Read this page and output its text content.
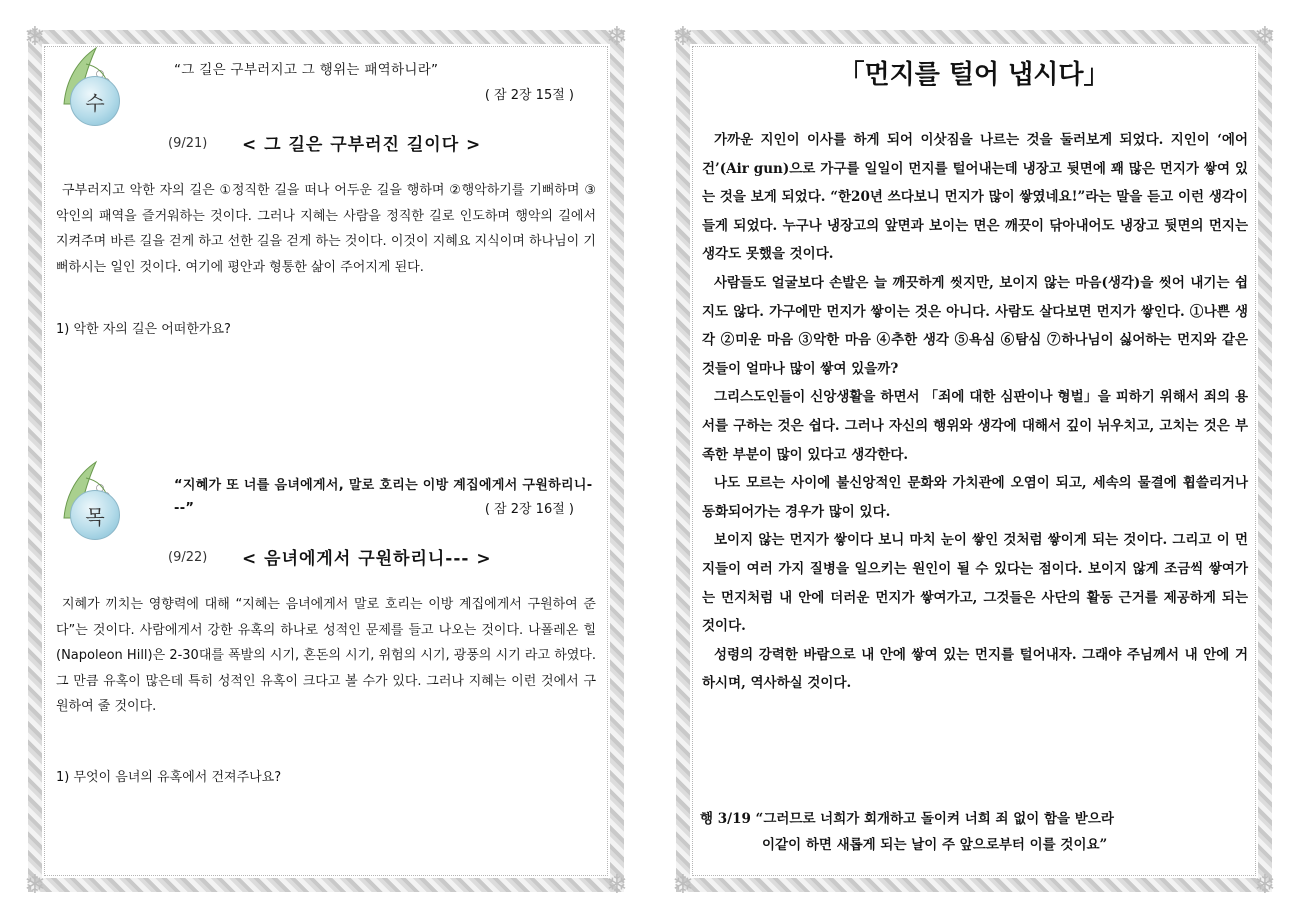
❄	❄
❄	❄
수
“그 길은 구부러지고 그 행위는 패역하니라”
( 잠 2장 15절 )
(9/21) < 그 길은 구부러진 길이다 >

구부러지고 악한 자의 길은 ①정직한 길을 떠나 어두운 길을 행하며 ②행악하기를 기뻐하며 ③악인의 패역을 즐거워하는 것이다. 그러나 지혜는 사람을 정직한 길로 인도하며 행악의 길에서 지켜주며 바른 길을 걷게 하고 선한 길을 걷게 하는 것이다. 이것이 지혜요 지식이며 하나님이 기뻐하시는 일인 것이다. 여기에 평안과 형통한 삶이 주어지게 된다.

1) 악한 자의 길은 어떠한가요?
목
“지혜가 또 너를 음녀에게서, 말로 호리는 이방 계집에게서 구원하리니---”	( 잠 2장 16절 )
(9/22) < 음녀에게서 구원하리니--- >

지혜가 끼치는 영향력에 대해 “지혜는 음녀에게서 말로 호리는 이방 계집에게서 구원하여 준다”는 것이다. 사람에게서 강한 유혹의 하나로 성적인 문제를 들고 나오는 것이다. 나폴레온 힐(Napoleon Hill)은 2-30대를 폭발의 시기, 혼돈의 시기, 위험의 시기, 광풍의 시기 라고 하였다. 그 만큼 유혹이 많은데 특히 성적인 유혹이 크다고 볼 수가 있다. 그러나 지혜는 이런 것에서 구원하여 줄 것이다.

1) 무엇이 음녀의 유혹에서 건져주나요?
❄	❄
❄	❄
「먼지를 털어 냅시다」

가까운 지인이 이사를 하게 되어 이삿짐을 나르는 것을 둘러보게 되었다. 지인이 ‘에어건’(Air gun)으로 가구를 일일이 먼지를 털어내는데 냉장고 뒷면에 꽤 많은 먼지가 쌓여 있는 것을 보게 되었다. “한20년 쓰다보니 먼지가 많이 쌓였네요!”라는 말을 듣고 이런 생각이 들게 되었다. 누구나 냉장고의 앞면과 보이는 면은 깨끗이 닦아내어도 냉장고 뒷면의 먼지는 생각도 못했을 것이다.

사람들도 얼굴보다 손발은 늘 깨끗하게 씻지만, 보이지 않는 마음(생각)을 씻어 내기는 쉽지도 않다. 가구에만 먼지가 쌓이는 것은 아니다. 사람도 살다보면 먼지가 쌓인다. ①나쁜 생각 ②미운 마음 ③악한 마음 ④추한 생각 ⑤욕심 ⑥탐심 ⑦하나님이 싫어하는 먼지와 같은 것들이 얼마나 많이 쌓여 있을까?

그리스도인들이 신앙생활을 하면서 「죄에 대한 심판이나 형벌」을 피하기 위해서 죄의 용서를 구하는 것은 쉽다. 그러나 자신의 행위와 생각에 대해서 깊이 뉘우치고, 고치는 것은 부족한 부분이 많이 있다고 생각한다.

나도 모르는 사이에 불신앙적인 문화와 가치관에 오염이 되고, 세속의 물결에 휩쓸리거나 동화되어가는 경우가 많이 있다.

보이지 않는 먼지가 쌓이다 보니 마치 눈이 쌓인 것처럼 쌓이게 되는 것이다. 그리고 이 먼지들이 여러 가지 질병을 일으키는 원인이 될 수 있다는 점이다. 보이지 않게 조금씩 쌓여가는 먼지처럼 내 안에 더러운 먼지가 쌓여가고, 그것들은 사단의 활동 근거를 제공하게 되는 것이다.

성령의 강력한 바람으로 내 안에 쌓여 있는 먼지를 털어내자. 그래야 주님께서 내 안에 거하시며, 역사하실 것이다.

행 3/19 “그러므로 너희가 회개하고 돌이켜 너희 죄 없이 함을 받으라
이같이 하면 새롭게 되는 날이 주 앞으로부터 이를 것이요”
